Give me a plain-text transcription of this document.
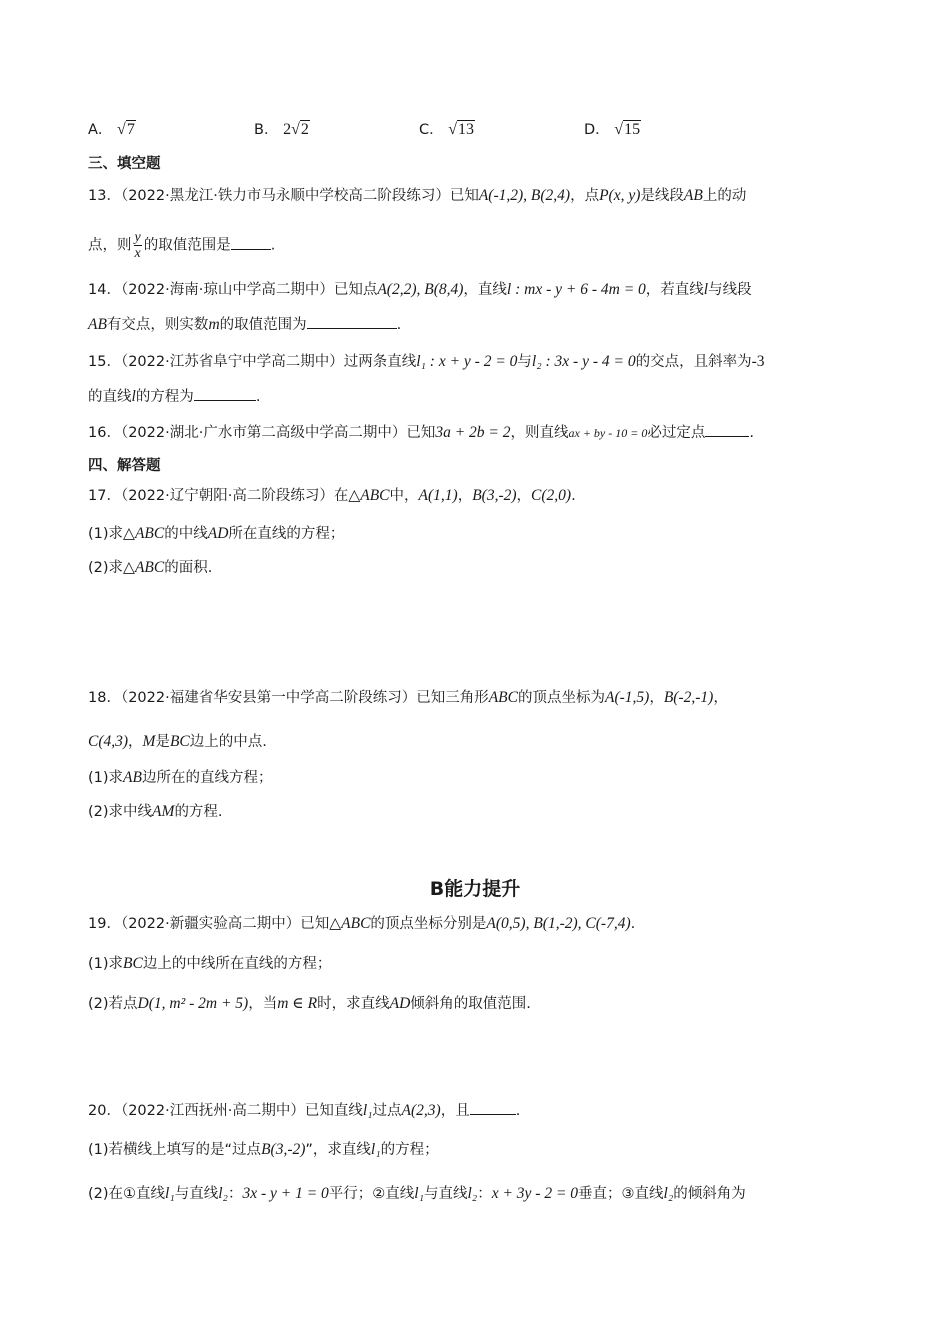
A． √7	B． 2√2	C． √13	D． √15
三、填空题
13．（2022·黑龙江·铁力市马永顺中学校高二阶段练习）已知A(-1,2), B(2,4)，点P(x, y)是线段AB上的动
点，则 $\frac{y}{x}$ 的取值范围是	.
14．（2022·海南·琼山中学高二期中）已知点A(2,2), B(8,4)，直线l : mx - y + 6 - 4m = 0，若直线l与线段
AB有交点，则实数m的取值范围为	.
15．（2022·江苏省阜宁中学高二期中）过两条直线l₁ : x + y - 2 = 0与l₂ : 3x - y - 4 = 0的交点，且斜率为-3
的直线l的方程为	.
16．（2022·湖北·广水市第二高级中学高二期中）已知3a + 2b = 2，则直线ax + by - 10 = 0必过定点	.
四、解答题
17．（2022·辽宁朝阳·高二阶段练习）在△ABC中，A(1,1)，B(3,-2)，C(2,0).
(1)求△ABC的中线AD所在直线的方程；
(2)求△ABC的面积.
18．（2022·福建省华安县第一中学高二阶段练习）已知三角形ABC的顶点坐标为A(-1,5)，B(-2,-1)，
C(4,3)，M是BC边上的中点.
(1)求AB边所在的直线方程；
(2)求中线AM的方程.
B能力提升
19．（2022·新疆实验高二期中）已知△ABC的顶点坐标分别是A(0,5), B(1,-2), C(-7,4).
(1)求BC边上的中线所在直线的方程；
(2)若点D(1, m² - 2m + 5)，当m ∈ R时，求直线AD倾斜角的取值范围.
20．（2022·江西抚州·高二期中）已知直线l₁过点A(2,3)，且	.
(1)若横线上填写的是“过点B(3,-2)”，求直线l₁的方程；
(2)在①直线l₁与直线l₂：3x - y + 1 = 0平行；②直线l₁与直线l₂：x + 3y - 2 = 0垂直；③直线l₂的倾斜角为
